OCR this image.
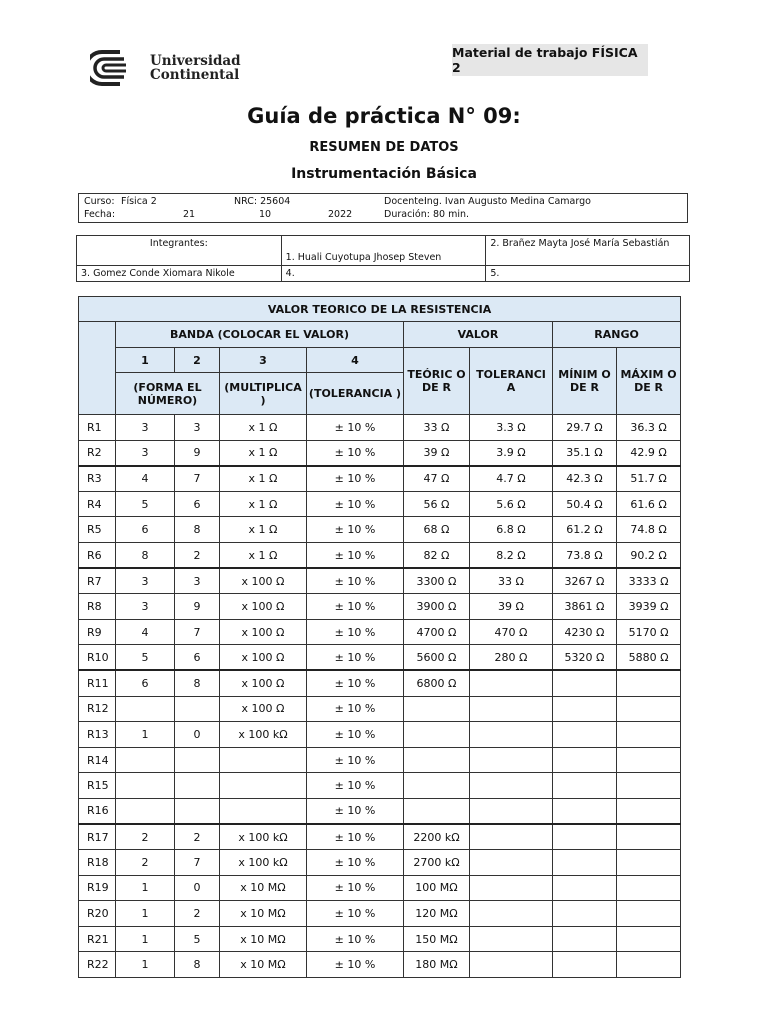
Universidad
Continental
Material de trabajo FÍSICA 2
Guía de práctica N° 09:
RESUMEN DE DATOS
Instrumentación Básica
Curso: Física 2	NRC: 25604	Docente:
Ing. Ivan Augusto Medina Camargo
Fecha:	21	10	2022	Duración: 80 min.
Integrantes:	1. Huali Cuyotupa Jhosep Steven	2. Brañez Mayta José María Sebastián
3. Gomez Conde Xiomara Nikole	4.	5.
VALOR TEORICO DE LA RESISTENCIA								
	BANDA (COLOCAR EL VALOR)				VALOR		RANGO	
	1	2	3	4	TEÓRIC O DE R	TOLERANCI A	MÍNIM O DE R	MÁXIM O DE R
	(FORMA EL NÚMERO)		(MULTIPLICA )	(TOLERANCIA )				
R1	3	3	x 1 Ω	± 10 %	33 Ω	3.3 Ω	29.7 Ω	36.3 Ω
R2	3	9	x 1 Ω	± 10 %	39 Ω	3.9 Ω	35.1 Ω	42.9 Ω
R3	4	7	x 1 Ω	± 10 %	47 Ω	4.7 Ω	42.3 Ω	51.7 Ω
R4	5	6	x 1 Ω	± 10 %	56 Ω	5.6 Ω	50.4 Ω	61.6 Ω
R5	6	8	x 1 Ω	± 10 %	68 Ω	6.8 Ω	61.2 Ω	74.8 Ω
R6	8	2	x 1 Ω	± 10 %	82 Ω	8.2 Ω	73.8 Ω	90.2 Ω
R7	3	3	x 100 Ω	± 10 %	3300 Ω	33 Ω	3267 Ω	3333 Ω
R8	3	9	x 100 Ω	± 10 %	3900 Ω	39 Ω	3861 Ω	3939 Ω
R9	4	7	x 100 Ω	± 10 %	4700 Ω	470 Ω	4230 Ω	5170 Ω
R10	5	6	x 100 Ω	± 10 %	5600 Ω	280 Ω	5320 Ω	5880 Ω
R11	6	8	x 100 Ω	± 10 %	6800 Ω			
R12			x 100 Ω	± 10 %				
R13	1	0	x 100 kΩ	± 10 %				
R14				± 10 %				
R15				± 10 %				
R16				± 10 %				
R17	2	2	x 100 kΩ	± 10 %	2200 kΩ			
R18	2	7	x 100 kΩ	± 10 %	2700 kΩ			
R19	1	0	x 10 MΩ	± 10 %	100 MΩ			
R20	1	2	x 10 MΩ	± 10 %	120 MΩ			
R21	1	5	x 10 MΩ	± 10 %	150 MΩ			
R22	1	8	x 10 MΩ	± 10 %	180 MΩ			
